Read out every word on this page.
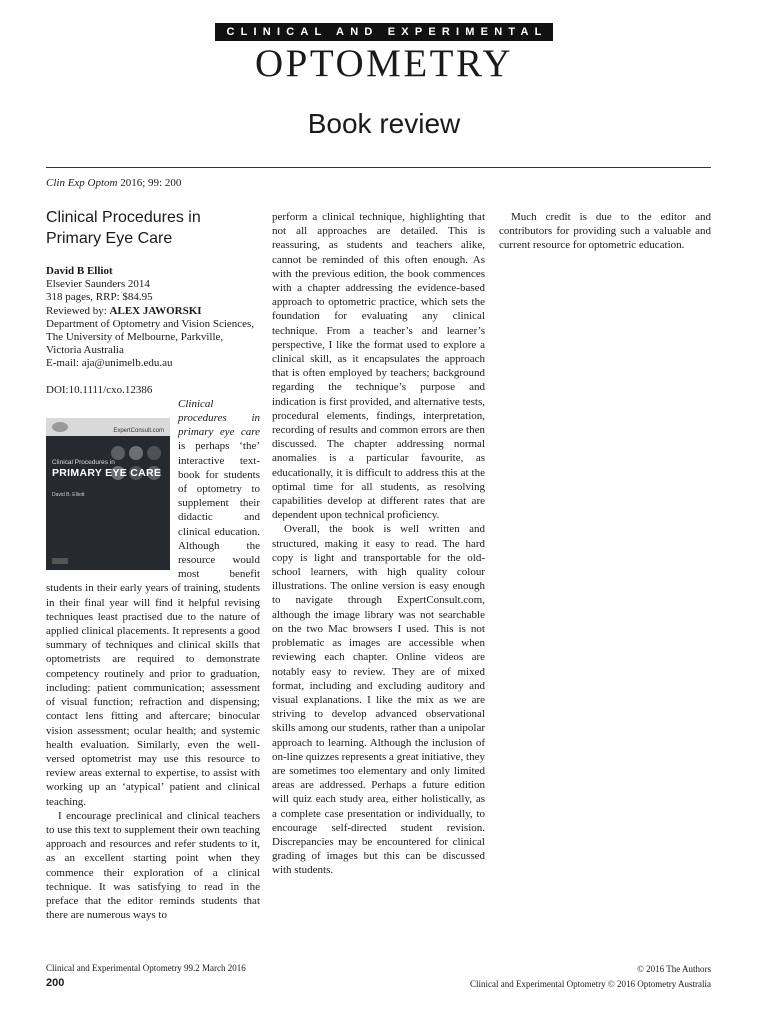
CLINICAL AND EXPERIMENTAL
OPTOMETRY
Book review
Clin Exp Optom 2016; 99: 200
Clinical Procedures in Primary Eye Care
David B Elliot
Elsevier Saunders 2014
318 pages, RRP: $84.95
Reviewed by: ALEX JAWORSKI
Department of Optometry and Vision Sciences, The University of Melbourne, Parkville, Victoria Australia
E-mail: aja@unimelb.edu.au
DOI:10.1111/cxo.12386

ExpertConsult.com
Clinical Procedures in
PRIMARY EYE CARE
David B. Elliott
Clinical procedures in primary eye care is perhaps ‘the’ interactive text-book for students of optometry to supplement their didactic and clinical education. Although the resource would most benefit students in their early years of training, students in their final year will find it helpful revising techniques least practised due to the nature of applied clinical placements. It represents a good summary of techniques and clinical skills that optometrists are required to demonstrate competency routinely and prior to graduation, including: patient communication; assessment of visual function; refraction and dispensing; contact lens fitting and aftercare; binocular vision assessment; ocular health; and systemic health evaluation. Similarly, even the well-versed optometrist may use this resource to review areas external to expertise, to assist with working up an ‘atypical’ patient and clinical teaching.

I encourage preclinical and clinical teachers to use this text to supplement their own teaching approach and resources and refer students to it, as an excellent starting point when they commence their exploration of a clinical technique. It was satisfying to read in the preface that the editor reminds students that there are numerous ways to

perform a clinical technique, highlighting that not all approaches are detailed. This is reassuring, as students and teachers alike, cannot be reminded of this often enough. As with the previous edition, the book commences with a chapter addressing the evidence-based approach to optometric practice, which sets the foundation for evaluating any clinical technique. From a teacher’s and learner’s perspective, I like the format used to explore a clinical skill, as it encapsulates the approach that is often employed by teachers; background regarding the technique’s purpose and indication is first provided, and alternative tests, procedural elements, findings, interpretation, recording of results and common errors are then discussed. The chapter addressing normal anomalies is a particular favourite, as educationally, it is difficult to address this at the optimal time for all students, as resolving capabilities develop at different rates that are dependent upon technical proficiency.

Overall, the book is well written and structured, making it easy to read. The hard copy is light and transportable for the old-school learners, with high quality colour illustrations. The online version is easy enough to navigate through ExpertConsult.com, although the image library was not searchable on the two Mac browsers I used. This is not problematic as images are accessible when reviewing each chapter. Online videos are notably easy to review. They are of mixed format, including and excluding auditory and visual explanations. I like the mix as we are striving to develop advanced observational skills among our students, rather than a unipolar approach to learning. Although the inclusion of on-line quizzes represents a great initiative, they are sometimes too elementary and only limited areas are addressed. Perhaps a future edition will quiz each study area, either holistically, as a complete case presentation or individually, to encourage self-directed student revision. Discrepancies may be encountered for clinical grading of images but this can be discussed with students.

Much credit is due to the editor and contributors for providing such a valuable and current resource for optometric education.

Clinical and Experimental Optometry 99.2 March 2016
200
© 2016 The Authors
Clinical and Experimental Optometry © 2016 Optometry Australia
